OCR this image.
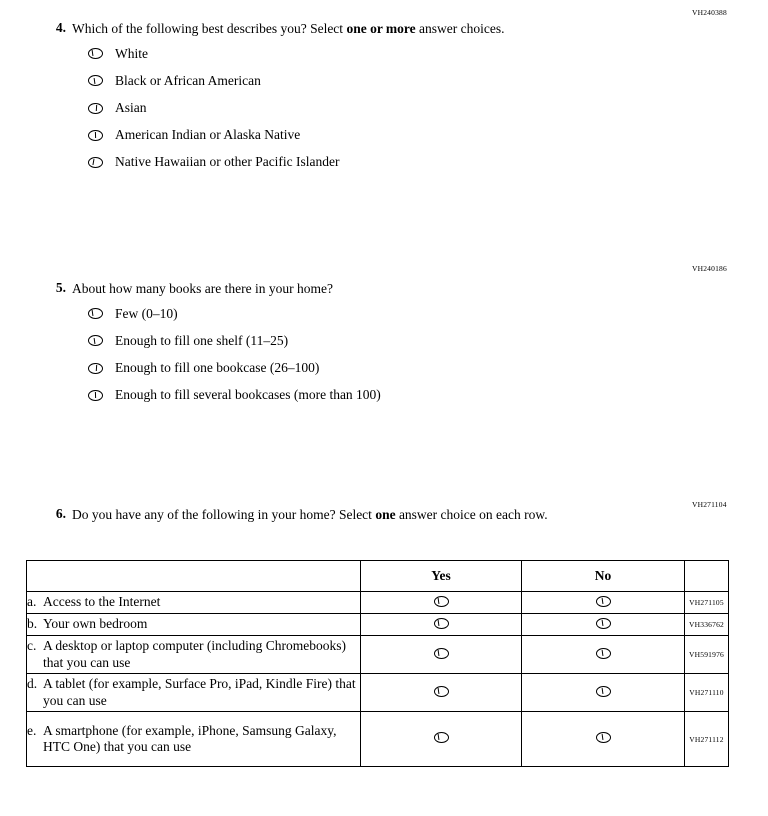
VH240388
4. Which of the following best describes you? Select one or more answer choices.
White
Black or African American
Asian
American Indian or Alaska Native
Native Hawaiian or other Pacific Islander
VH240186
5. About how many books are there in your home?
Few (0–10)
Enough to fill one shelf (11–25)
Enough to fill one bookcase (26–100)
Enough to fill several bookcases (more than 100)
VH271104
6. Do you have any of the following in your home? Select one answer choice on each row.
	Yes	No	

a. Access to the Internet			VH271105

b. Your own bedroom			VH336762

c. A desktop or laptop computer (including Chromebooks) that you can use			VH591976

d. A tablet (for example, Surface Pro, iPad, Kindle Fire) that you can use			VH271110

e. A smartphone (for example, iPhone, Samsung Galaxy, HTC One) that you can use			VH271112
